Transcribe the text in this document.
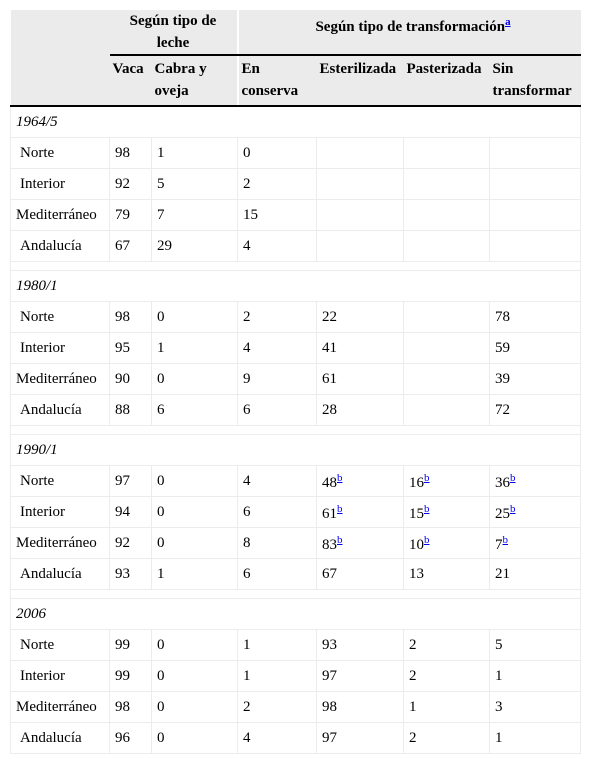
	Según tipo de leche		Según tipo de transformación$^a$
	Vaca	Cabra y oveja	En conserva	Esterilizada	Pasterizada	Sin transformar
1964/5						
Norte	98	1	0			
Interior	92	5	2			
Mediterráneo	79	7	15			
Andalucía	67	29	4			

1980/1						
Norte	98	0	2	22		78
Interior	95	1	4	41		59
Mediterráneo	90	0	9	61		39
Andalucía	88	6	6	28		72

1990/1						
Norte	97	0	4	48$^b$	16$^b$	36$^b$
Interior	94	0	6	61$^b$	15$^b$	25$^b$
Mediterráneo	92	0	8	83$^b$	10$^b$	7$^b$
Andalucía	93	1	6	67	13	21

2006						
Norte	99	0	1	93	2	5
Interior	99	0	1	97	2	1
Mediterráneo	98	0	2	98	1	3
Andalucía	96	0	4	97	2	1
